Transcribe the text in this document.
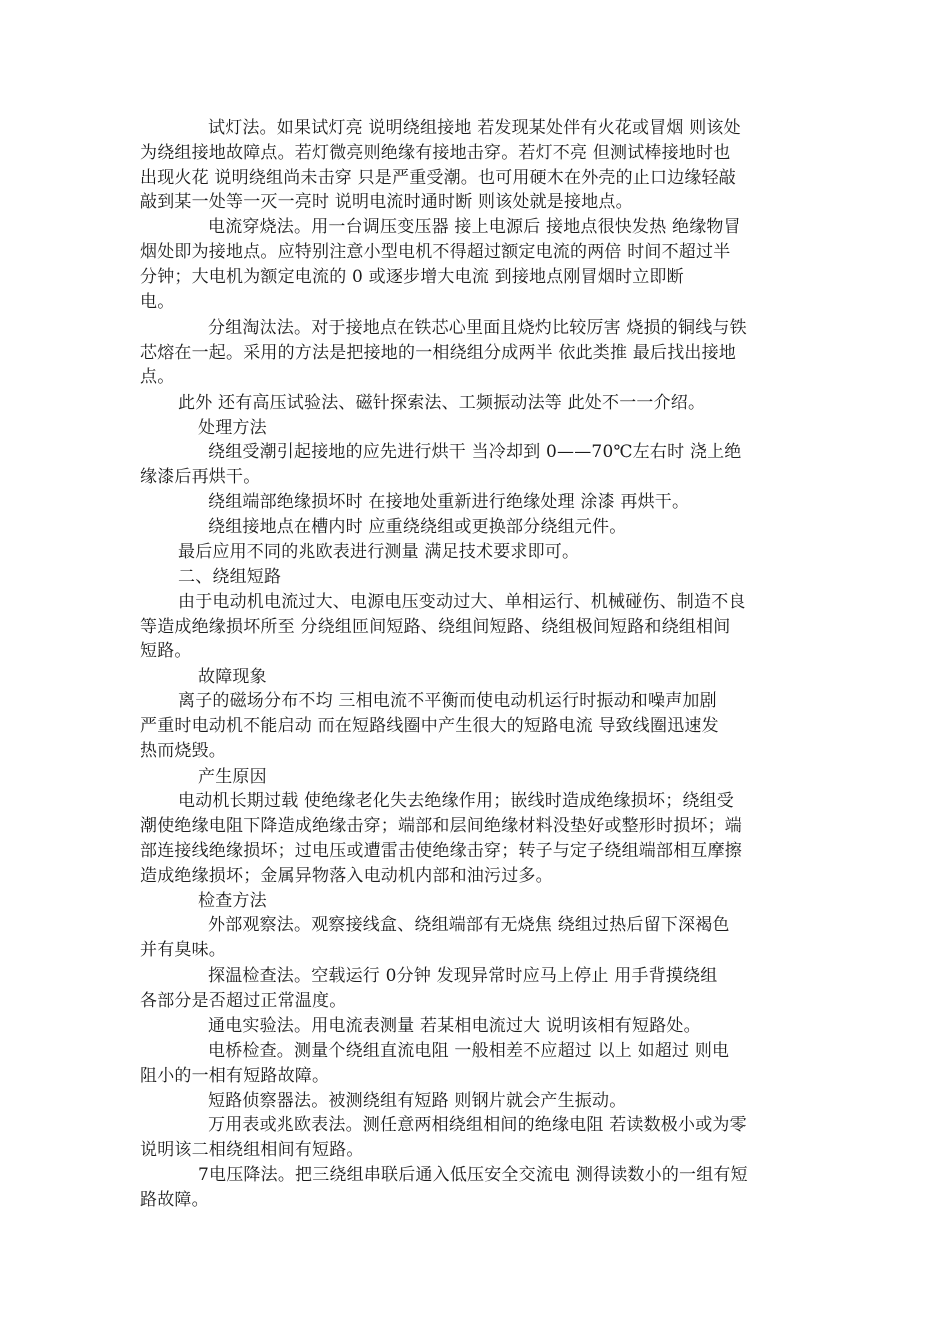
试灯法。如果试灯亮 说明绕组接地 若发现某处伴有火花或冒烟 则该处
为绕组接地故障点。若灯微亮则绝缘有接地击穿。若灯不亮 但测试棒接地时也
出现火花 说明绕组尚未击穿 只是严重受潮。也可用硬木在外壳的止口边缘轻敲
敲到某一处等一灭一亮时 说明电流时通时断 则该处就是接地点。
电流穿烧法。用一台调压变压器 接上电源后 接地点很快发热 绝缘物冒
烟处即为接地点。应特别注意小型电机不得超过额定电流的两倍 时间不超过半
分钟；大电机为额定电流的 0 或逐步增大电流 到接地点刚冒烟时立即断
电。
分组淘汰法。对于接地点在铁芯心里面且烧灼比较厉害 烧损的铜线与铁
芯熔在一起。采用的方法是把接地的一相绕组分成两半 依此类推 最后找出接地
点。
此外 还有高压试验法、磁针探索法、工频振动法等 此处不一一介绍。
处理方法
绕组受潮引起接地的应先进行烘干 当冷却到 0——70℃左右时 浇上绝
缘漆后再烘干。
绕组端部绝缘损坏时 在接地处重新进行绝缘处理 涂漆 再烘干。
绕组接地点在槽内时 应重绕绕组或更换部分绕组元件。
最后应用不同的兆欧表进行测量 满足技术要求即可。
二、绕组短路
由于电动机电流过大、电源电压变动过大、单相运行、机械碰伤、制造不良
等造成绝缘损坏所至 分绕组匝间短路、绕组间短路、绕组极间短路和绕组相间
短路。
故障现象
离子的磁场分布不均 三相电流不平衡而使电动机运行时振动和噪声加剧
严重时电动机不能启动 而在短路线圈中产生很大的短路电流 导致线圈迅速发
热而烧毁。
产生原因
电动机长期过载 使绝缘老化失去绝缘作用；嵌线时造成绝缘损坏；绕组受
潮使绝缘电阻下降造成绝缘击穿；端部和层间绝缘材料没垫好或整形时损坏；端
部连接线绝缘损坏；过电压或遭雷击使绝缘击穿；转子与定子绕组端部相互摩擦
造成绝缘损坏；金属异物落入电动机内部和油污过多。
检查方法
外部观察法。观察接线盒、绕组端部有无烧焦 绕组过热后留下深褐色
并有臭味。
探温检查法。空载运行 0分钟 发现异常时应马上停止 用手背摸绕组
各部分是否超过正常温度。
通电实验法。用电流表测量 若某相电流过大 说明该相有短路处。
电桥检查。测量个绕组直流电阻 一般相差不应超过 以上 如超过 则电
阻小的一相有短路故障。
短路侦察器法。被测绕组有短路 则钢片就会产生振动。
万用表或兆欧表法。测任意两相绕组相间的绝缘电阻 若读数极小或为零
说明该二相绕组相间有短路。
7电压降法。把三绕组串联后通入低压安全交流电 测得读数小的一组有短
路故障。
